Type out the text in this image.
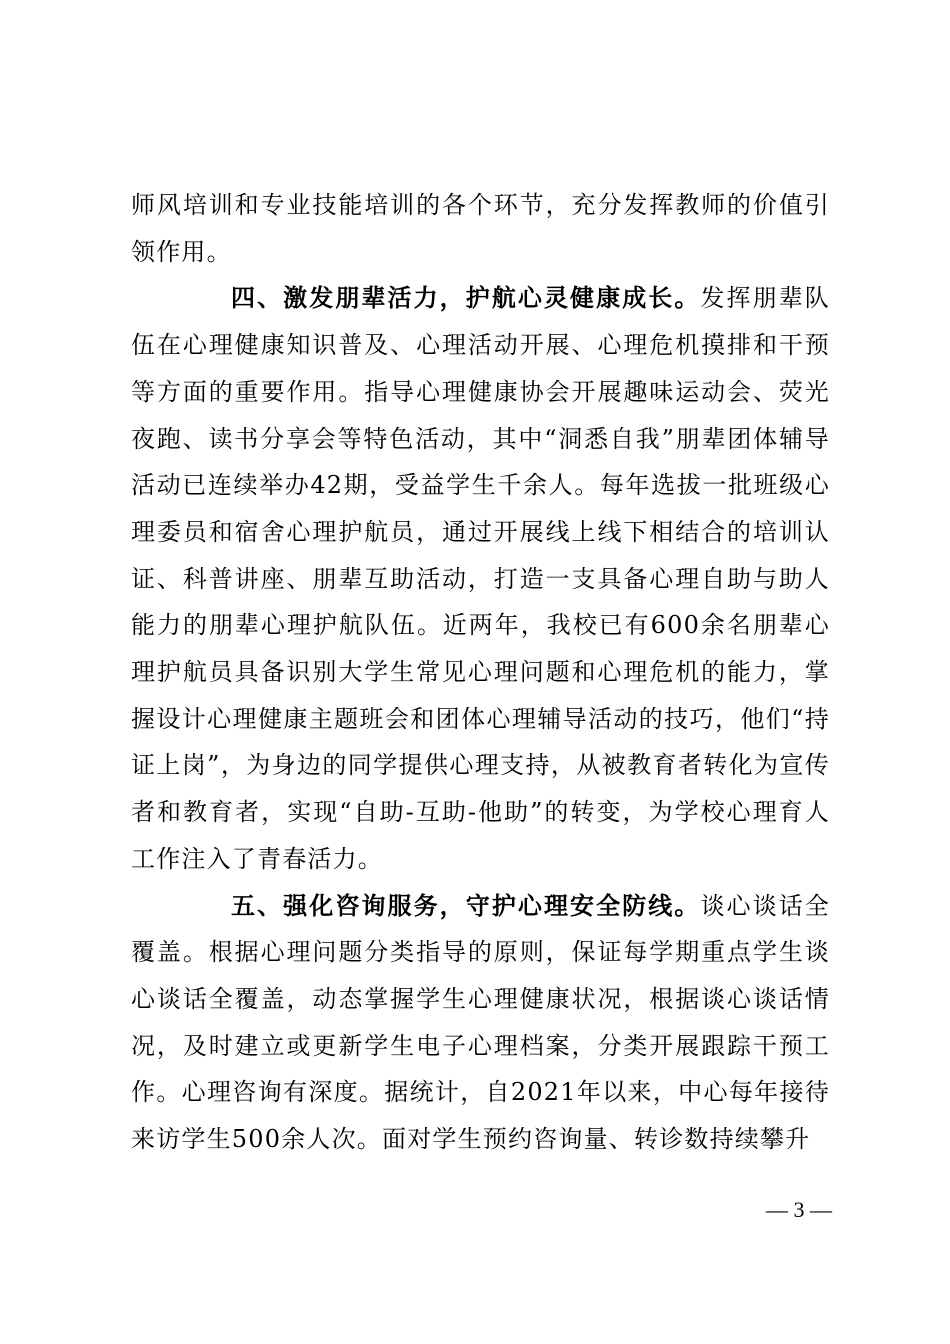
师风培训和专业技能培训的各个环节，充分发挥教师的价值引领作用。

四、激发朋辈活力，护航心灵健康成长。发挥朋辈队伍在心理健康知识普及、心理活动开展、心理危机摸排和干预等方面的重要作用。指导心理健康协会开展趣味运动会、荧光夜跑、读书分享会等特色活动，其中“洞悉自我”朋辈团体辅导活动已连续举办42期，受益学生千余人。每年选拔一批班级心理委员和宿舍心理护航员，通过开展线上线下相结合的培训认证、科普讲座、朋辈互助活动，打造一支具备心理自助与助人能力的朋辈心理护航队伍。近两年，我校已有600余名朋辈心理护航员具备识别大学生常见心理问题和心理危机的能力，掌握设计心理健康主题班会和团体心理辅导活动的技巧，他们“持证上岗”，为身边的同学提供心理支持，从被教育者转化为宣传者和教育者，实现“自助-互助-他助”的转变，为学校心理育人工作注入了青春活力。

五、强化咨询服务，守护心理安全防线。谈心谈话全覆盖。根据心理问题分类指导的原则，保证每学期重点学生谈心谈话全覆盖，动态掌握学生心理健康状况，根据谈心谈话情况，及时建立或更新学生电子心理档案，分类开展跟踪干预工作。心理咨询有深度。据统计，自2021年以来，中心每年接待来访学生500余人次。面对学生预约咨询量、转诊数持续攀升

— 3 —
